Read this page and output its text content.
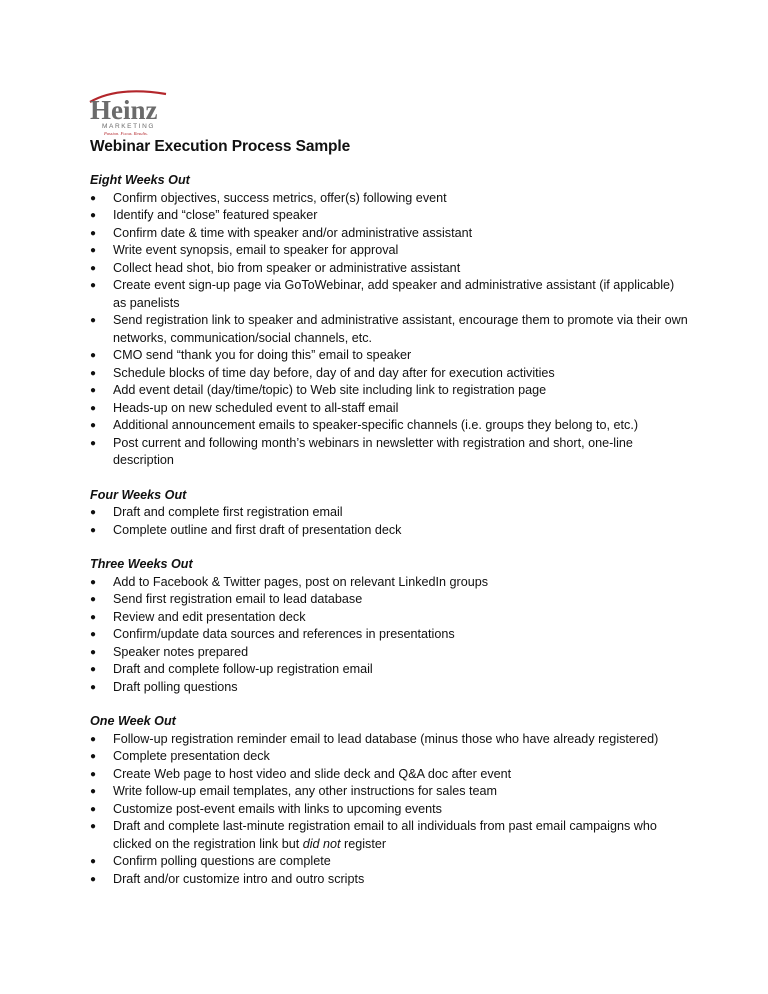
Heinz
MARKETING
Passion. Focus. Results.
Webinar Execution Process Sample

Eight Weeks Out

● Confirm objectives, success metrics, offer(s) following event
● Identify and “close” featured speaker
● Confirm date & time with speaker and/or administrative assistant
● Write event synopsis, email to speaker for approval
● Collect head shot, bio from speaker or administrative assistant
● Create event sign-up page via GoToWebinar, add speaker and administrative assistant (if applicable) as panelists
● Send registration link to speaker and administrative assistant, encourage them to promote via their own networks, communication/social channels, etc.
● CMO send “thank you for doing this” email to speaker
● Schedule blocks of time day before, day of and day after for execution activities
● Add event detail (day/time/topic) to Web site including link to registration page
● Heads-up on new scheduled event to all-staff email
● Additional announcement emails to speaker-specific channels (i.e. groups they belong to, etc.)
● Post current and following month’s webinars in newsletter with registration and short, one-line description

Four Weeks Out

● Draft and complete first registration email
● Complete outline and first draft of presentation deck

Three Weeks Out

● Add to Facebook & Twitter pages, post on relevant LinkedIn groups
● Send first registration email to lead database
● Review and edit presentation deck
● Confirm/update data sources and references in presentations
● Speaker notes prepared
● Draft and complete follow-up registration email
● Draft polling questions

One Week Out

● Follow-up registration reminder email to lead database (minus those who have already registered)
● Complete presentation deck
● Create Web page to host video and slide deck and Q&A doc after event
● Write follow-up email templates, any other instructions for sales team
● Customize post-event emails with links to upcoming events
● Draft and complete last-minute registration email to all individuals from past email campaigns who clicked on the registration link but did not register
● Confirm polling questions are complete
● Draft and/or customize intro and outro scripts
